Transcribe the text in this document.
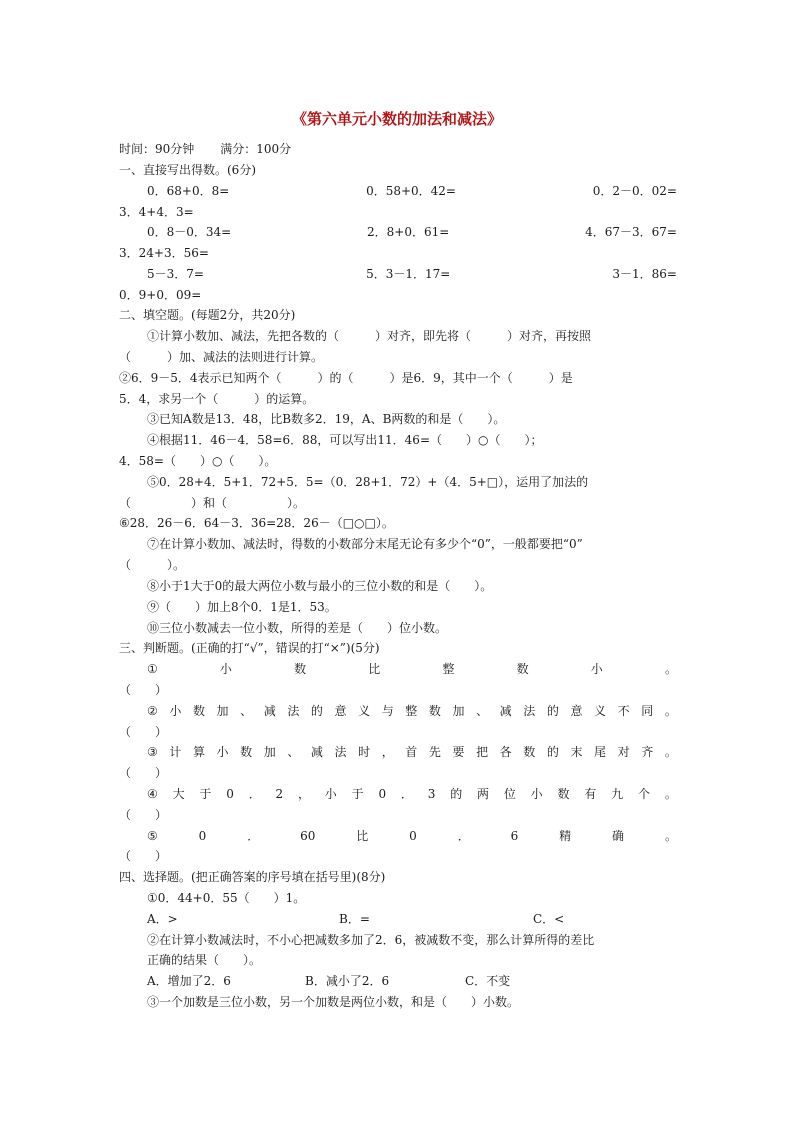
《第六单元小数的加法和减法》
时间：90分钟 满分：100分
一、直接写出得数。(6分)
0．68+0．8=	0．58+0．42=	0．2－0．02=
3．4+4．3=
0．8－0．34=	2．8+0．61=	4．67－3．67=
3．24+3．56=
5－3．7=	5．3－1．17=	3－1．86=
0．9+0．09=
二、填空题。(每题2分，共20分)
①计算小数加、减法，先把各数的（　　　）对齐，即先将（　　　）对齐，再按照
（　　　）加、减法的法则进行计算。
②6．9－5．4表示已知两个（　　　）的（　　　）是6．9，其中一个（　　　）是
5．4，求另一个（　　　）的运算。
③已知A数是13．48，比B数多2．19，A、B两数的和是（　　）。
④根据11．46－4．58=6．88，可以写出11．46=（　　）○（　　）；
4．58=（　　）○（　　）。
⑤0．28+4．5+1．72+5．5=（0．28+1．72）+（4．5+□），运用了加法的
（　　　　　）和（　　　　　）。
⑥28．26－6．64－3．36=28．26－（□○□）。
⑦在计算小数加、减法时，得数的小数部分末尾无论有多少个“0”，一般都要把“0”
（　　　）。
⑧小于1大于0的最大两位小数与最小的三位小数的和是（　　）。
⑨（　　）加上8个0．1是1．53。
⑩三位小数减去一位小数，所得的差是（　　）位小数。
三、判断题。(正确的打“√”，错误的打“×”)(5分)
①	小	数	比	整	数	小	。
（　　）
② 小 数 加 、 减 法 的 意 义 与 整 数 加 、 减 法 的 意 义 不 同 。
（　　）
③ 计 算 小 数 加 、 减 法 时 ， 首 先 要 把 各 数 的 末 尾 对 齐 。
（　　）
④ 大 于 0 ． 2 ， 小 于 0 ． 3 的 两 位 小 数 有 九 个 。
（　　）
⑤	0	．	60	比	0	．	6	精	确	。
（　　）
四、选择题。(把正确答案的序号填在括号里)(8分)
①0．44+0．55（　　）1。
A．>	B．=	C．<
②在计算小数减法时，不小心把减数多加了2．6，被减数不变，那么计算所得的差比
正确的结果（　　）。
A．增加了2．6	B．减小了2．6	C．不变
③一个加数是三位小数，另一个加数是两位小数，和是（　　）小数。
